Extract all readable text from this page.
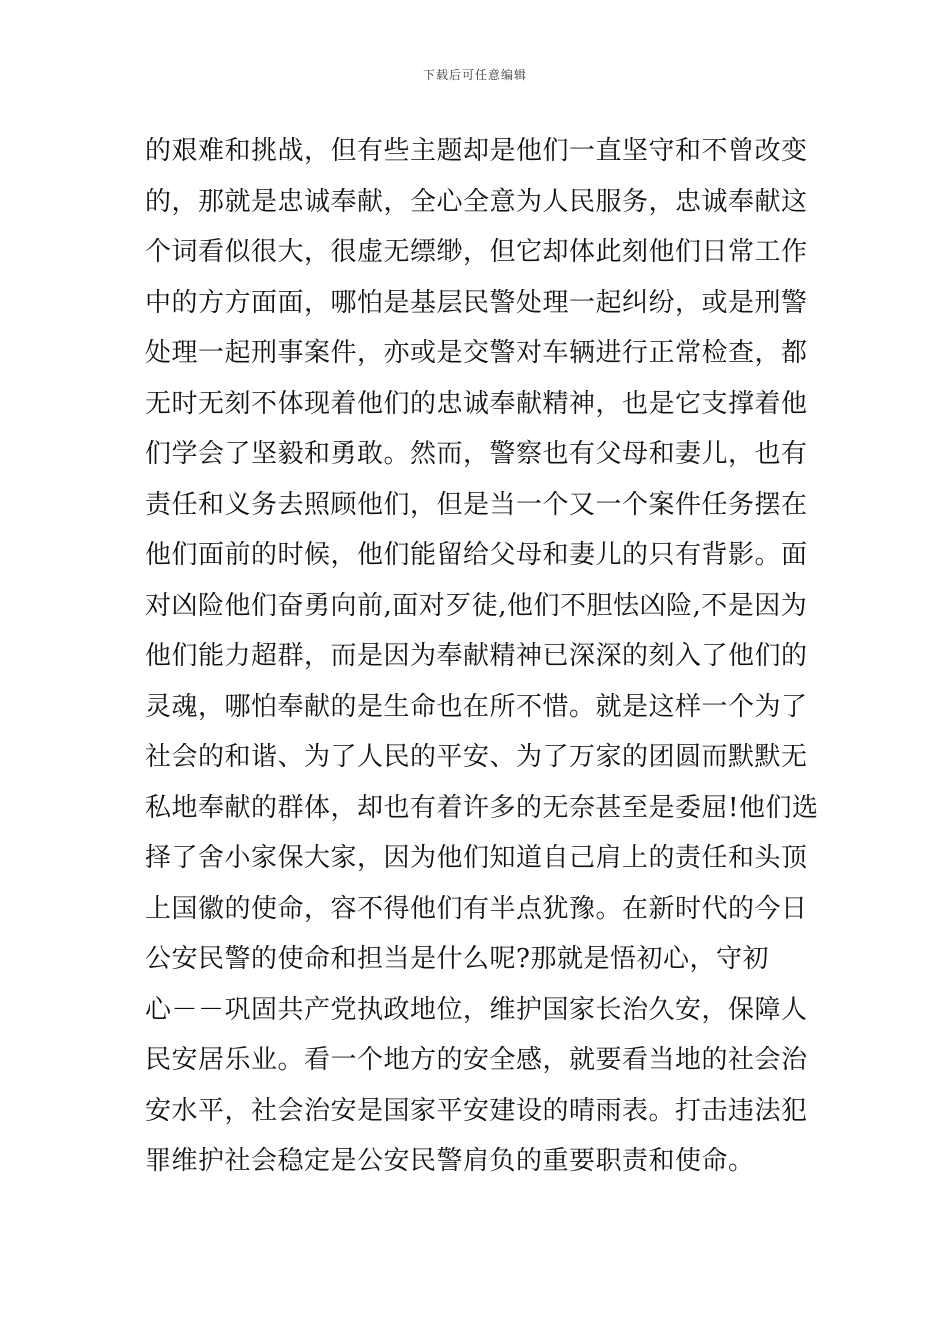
下载后可任意编辑
的艰难和挑战，但有些主题却是他们一直坚守和不曾改变
的，那就是忠诚奉献，全心全意为人民服务，忠诚奉献这
个词看似很大，很虚无缥缈，但它却体此刻他们日常工作
中的方方面面，哪怕是基层民警处理一起纠纷，或是刑警
处理一起刑事案件，亦或是交警对车辆进行正常检查，都
无时无刻不体现着他们的忠诚奉献精神，也是它支撑着他
们学会了坚毅和勇敢。然而，警察也有父母和妻儿，也有
责任和义务去照顾他们，但是当一个又一个案件任务摆在
他们面前的时候，他们能留给父母和妻儿的只有背影。面
对凶险他们奋勇向前,面对歹徒,他们不胆怯凶险,不是因为
他们能力超群，而是因为奉献精神已深深的刻入了他们的
灵魂，哪怕奉献的是生命也在所不惜。就是这样一个为了
社会的和谐、为了人民的平安、为了万家的团圆而默默无
私地奉献的群体，却也有着许多的无奈甚至是委屈!他们选
择了舍小家保大家，因为他们知道自己肩上的责任和头顶
上国徽的使命，容不得他们有半点犹豫。在新时代的今日
公安民警的使命和担当是什么呢?那就是悟初心，守初
心－－巩固共产党执政地位，维护国家长治久安，保障人
民安居乐业。看一个地方的安全感，就要看当地的社会治
安水平，社会治安是国家平安建设的晴雨表。打击违法犯
罪维护社会稳定是公安民警肩负的重要职责和使命。
